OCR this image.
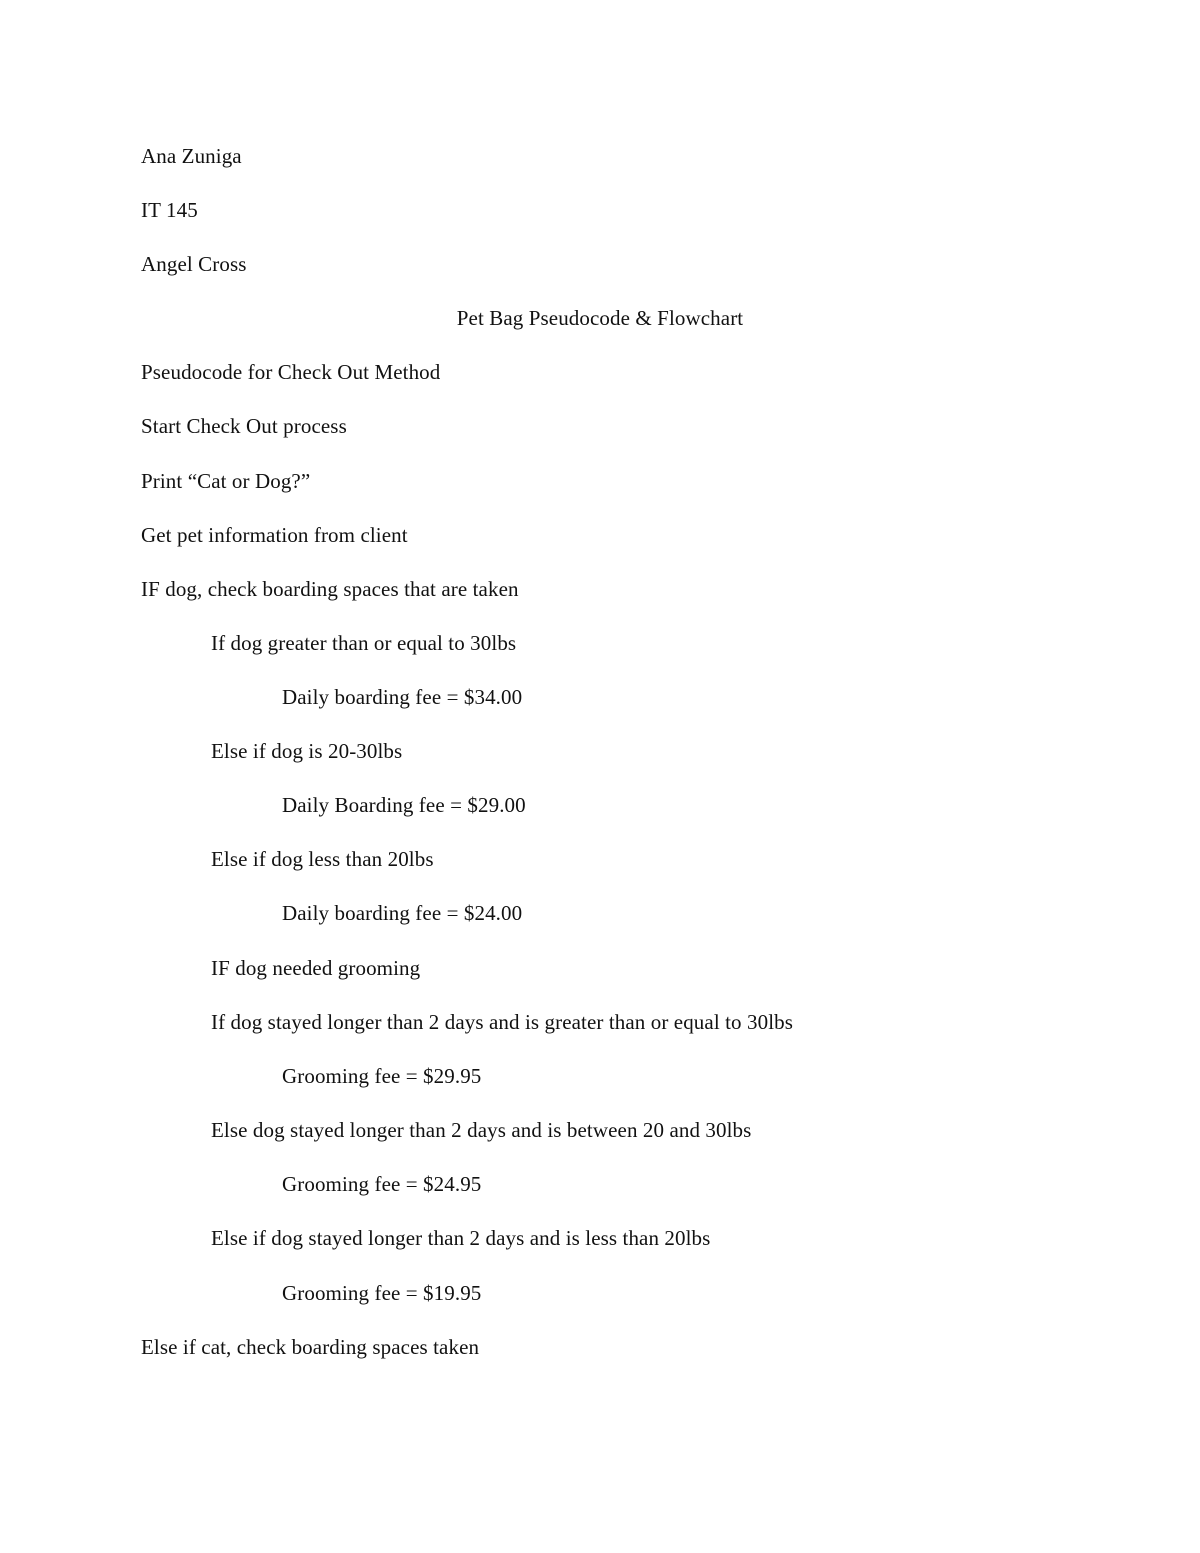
Ana Zuniga
IT 145
Angel Cross
Pet Bag Pseudocode & Flowchart
Pseudocode for Check Out Method
Start Check Out process
Print “Cat or Dog?”
Get pet information from client
IF dog, check boarding spaces that are taken
If dog greater than or equal to 30lbs
Daily boarding fee = $34.00
Else if dog is 20-30lbs
Daily Boarding fee = $29.00
Else if dog less than 20lbs
Daily boarding fee = $24.00
IF dog needed grooming
If dog stayed longer than 2 days and is greater than or equal to 30lbs
Grooming fee = $29.95
Else dog stayed longer than 2 days and is between 20 and 30lbs
Grooming fee = $24.95
Else if dog stayed longer than 2 days and is less than 20lbs
Grooming fee = $19.95
Else if cat, check boarding spaces taken
